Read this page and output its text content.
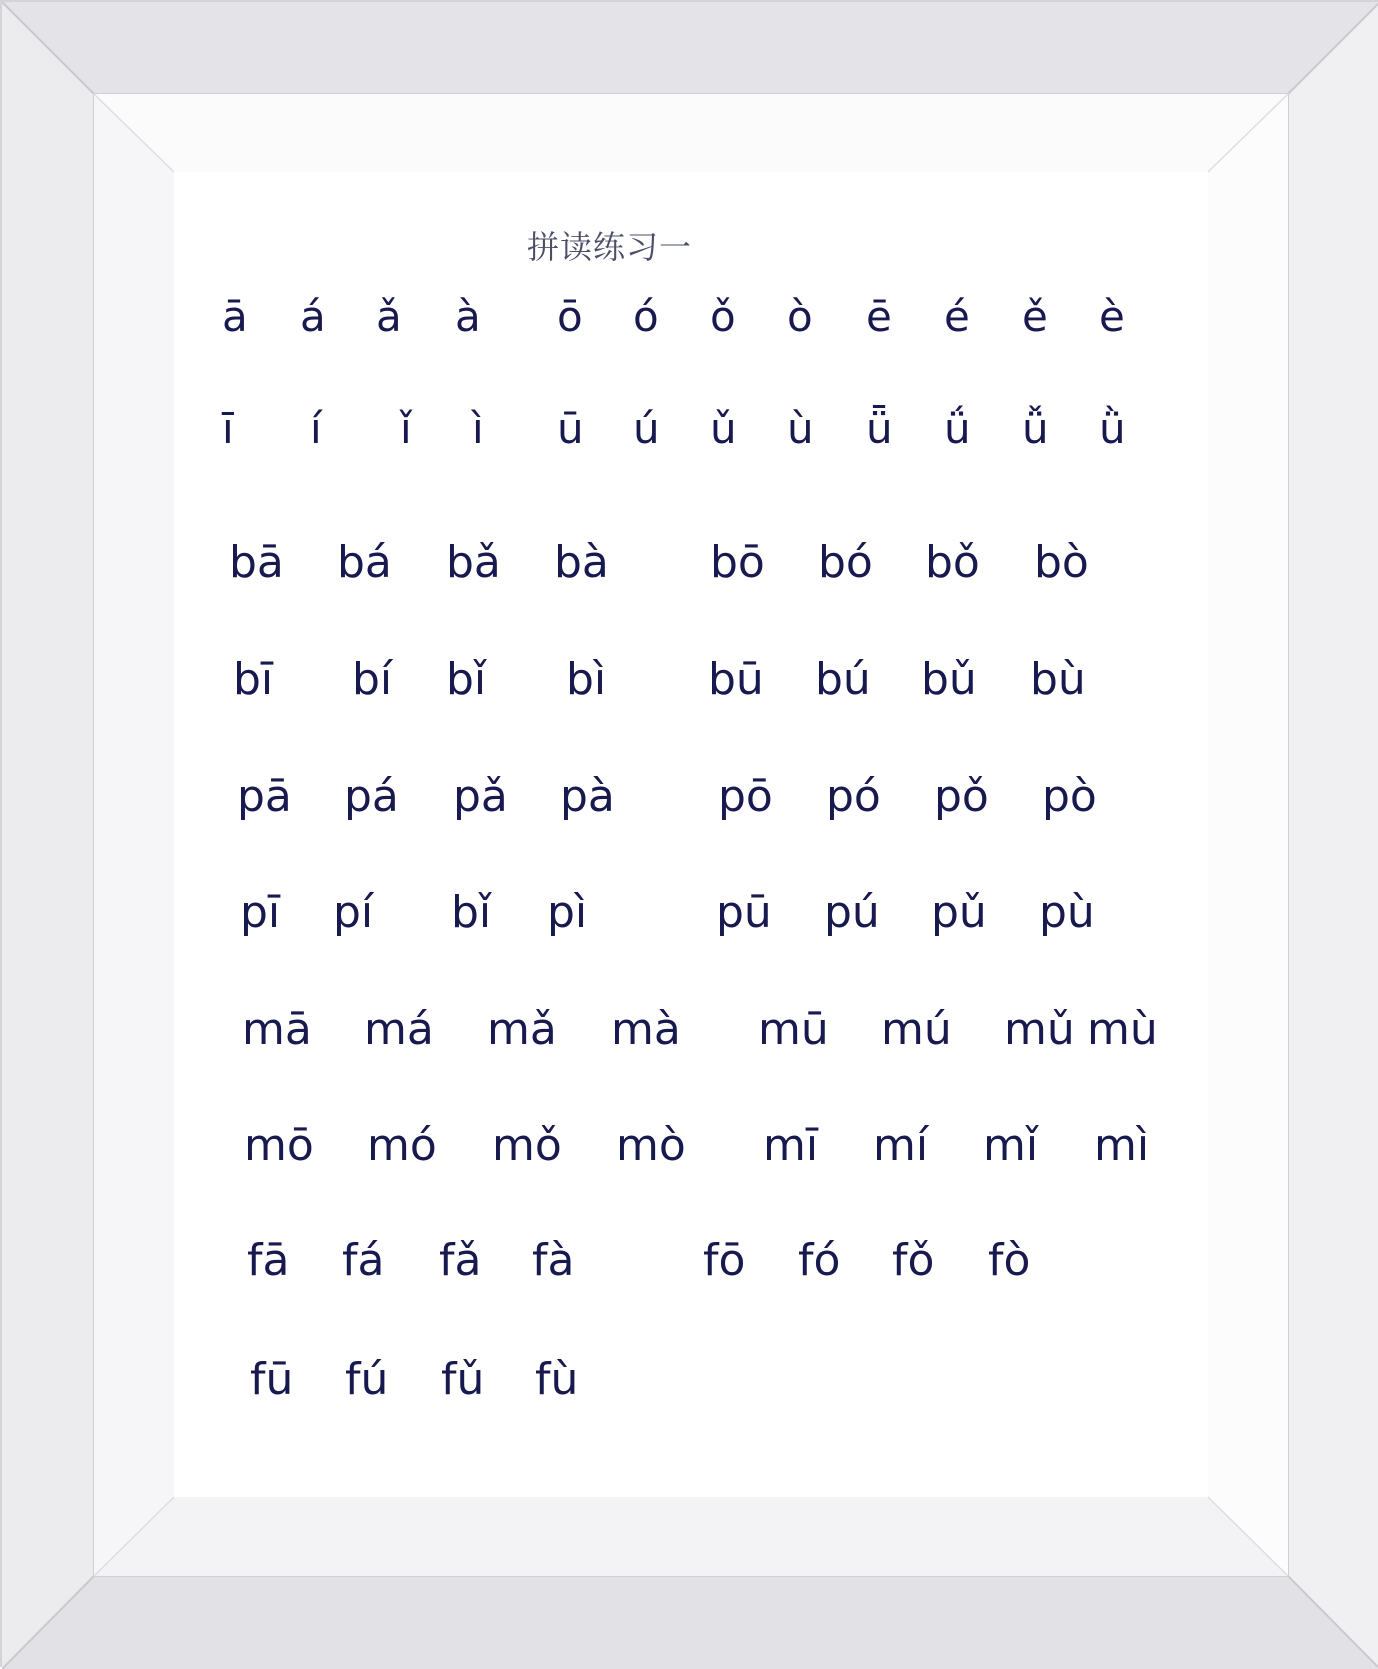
拼读练习一
ā á ǎ à ō ó ǒ ò ē é ě è
ī í ǐ ì ū ú ǔ ù ǖ ǘ ǚ ǜ
bā bá bǎ bà bō bó bǒ bò
bī bí bǐ bì bū bú bǔ bù
pā pá pǎ pà pō pó pǒ pò
pī pí bǐ pì	pū pú pǔ pù
mā má mǎ mà mū mú mǔ mù
mō mó mǒ mò mī mí mǐ mì
fā fá fǎ fà	fō fó fǒ fò
fū fú fǔ fù
